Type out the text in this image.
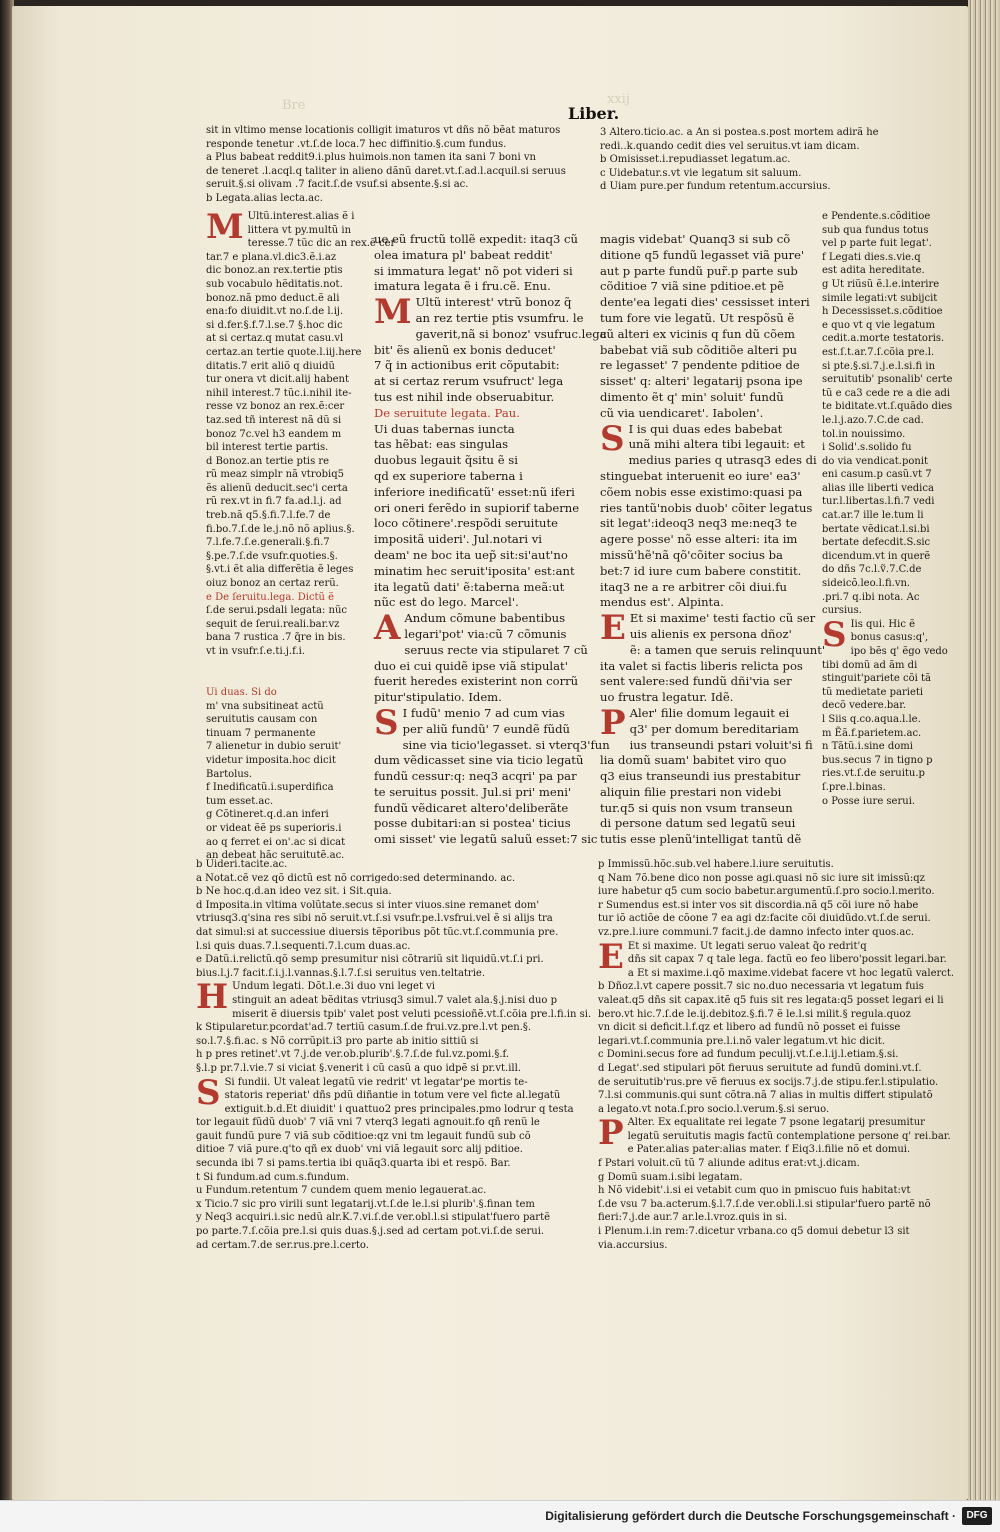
Bre	xxij
Liber.

sit in vltimo mense locationis colligit imaturos vt dñs nõ bẽat maturos

responde tenetur .vt.ſ.de loca.7 hec diffinitio.§.cum fundus.

a Plus babeat reddit9.i.plus huimois.non tamen ita sani 7 boni vn

de teneret .l.acql.q taliter in alieno dãnũ daret.vt.ſ.ad.l.acquil.si seruus

seruit.§.si olivam .7 facit.ſ.de vsuf.si absente.§.si ac.

b Legata.alias lecta.ac.

M Ultũ.interest.alias ẽ i

littera vt py.multũ in

teresse.7 tũc dic an rex.ẽ cer

tar.7 e plana.vl.dic3.ẽ.i.az

dic bonoz.an rex.tertie ptis

sub vocabulo hẽditatis.not.

bonoz.nã pmo deduct.ẽ ali

ena:fo diuidit.vt no.ſ.de l.ij.

si d.fer.§.f.7.l.se.7 §.hoc dic

at si certaz.q mutat casu.vl

certaz.an tertie quote.l.iij.here

ditatis.7 erit aliõ q diuidũ

tur onera vt dicit.alij habent

nihil interest.7 tũc.i.nihil ite-

resse vz bonoz an rex.ẽ:cer

taz.sed tñ interest nã dũ si

bonoz 7c.vel h3 eandem m

bil interest tertie partis.

d Bonoz.an tertie ptis re

rũ meaz simplr nã vtrobiq5

ẽs alienũ deducit.sec'i certa

rũ rex.vt in fi.7 fa.ad.l.j. ad

treb.nã q5.§.fi.7.l.fe.7 de

fi.bo.7.ſ.de le.j.nõ nõ aplius.§.

7.l.fe.7.ſ.e.generali.§.fi.7

§.pe.7.ſ.de vsufr.quoties.§.

§.vt.i ẽt alia differẽtia ẽ leges

oiuz bonoz an certaz rerũ.

e De ſeruitu.lega. Dictũ ẽ

ſ.de serui.psdali legata: nũc

sequit de ſerui.reali.bar.vz

bana 7 rustica .7 q̃re in bis.

vt in vsufr.ſ.e.ti.j.f.i.

Ui duas. Si do

m' vna subsitineat actũ

seruitutis causam con

tinuam 7 permanente

7 alienetur in dubio seruit'

videtur imposita.hoc dicit

Bartolus.

f Inedificatũ.i.superdifica

tum esset.ac.

g Cõtineret.q.d.an inferi

or videat ẽẽ ps superioris.i

ao q ferret ei on'.ac si dicat

an debeat hãc seruitutẽ.ac.

ue eũ fructũ tollẽ expedit: itaq3 cũ

olea imatura pl' babeat reddit'

si immatura legat' nõ pot videri si

imatura legata ẽ i fru.cẽ. Enu.

M Ultũ interest' vtrũ bonoz q̃

an rez tertie ptis vsumfru. le

gaverit,nã si bonoz' vsufruc.lega

bit' ẽs alienũ ex bonis deducet'

7 q̃ in actionibus erit cõputabit:

at si certaz rerum vsufruct' lega

tus est nihil inde obseruabitur.

De seruitute legata. Pau.

Ui duas tabernas iuncta

tas hẽbat: eas singulas

duobus legauit q̃situ ẽ si

qd ex superiore taberna i

inferiore inedificatũ' esset:nũ iferi

ori oneri ferẽdo in supiorif taberne

loco cõtinere'.respõdi seruitute

impositã uideri'. Jul.notari vi

deam' ne boc ita uep̃ sit:si'aut'no

minatim hec seruit'iposita' est:ant

ita legatũ dati' ẽ:taberna meã:ut

nũc est do lego. Marcel'.

A Andum cõmune babentibus

legari'pot' via:cũ 7 cõmunis

seruus recte via stipularet 7 cũ

duo ei cui quidẽ ipse viã stipulat'

fuerit heredes existerint non corrũ

pitur'stipulatio. Idem.

S I fudũ' menio 7 ad cum vias

per aliũ fundũ' 7 eundẽ fũdũ

sine via ticio'legasset. si vterq3'fun

dum vẽdicasset sine via ticio legatũ

fundũ cessur:q: neq3 acqri' pa par

te seruitus possit. Jul.si pri' meni'

fundũ vẽdicaret altero'deliberãte

posse dubitari:an si postea' ticius

omi sisset' vie legatũ saluũ esset:7 sic

3 Altero.ticio.ac. a An si postea.s.post mortem adirã he

redi..k.quando cedit dies vel seruitus.vt iam dicam.

b Omisisset.i.repudiasset legatum.ac.

c Uidebatur.s.vt vie legatum sit saluum.

d Uiam pure.per fundum retentum.accursius.

magis videbat' Quanq3 si sub cõ

ditione q5 fundũ legasset viã pure'

aut p parte fundũ pur̃.p parte sub

cõditioe 7 viã sine pditioe.et pẽ

dente'ea legati dies' cessisset interi

tum fore vie legatũ. Ut respõsũ ẽ

cũ alteri ex vicinis q fun dũ cõem

babebat viã sub cõditiõe alteri pu

re legasset' 7 pendente pditioe de

sisset' q: alteri' legatarij psona ipe

dimento ẽt q' min' soluit' fundũ

cũ via uendicaret'. Iabolen'.

S I is qui duas edes babebat

unã mihi altera tibi legauit: et

medius paries q utrasq3 edes di

stinguebat interuenit eo iure' ea3'

cõem nobis esse existimo:quasi pa

ries tantũ'nobis duob' cõiter legatus

sit legat':ideoq3 neq3 me:neq3 te

agere posse' nõ esse alteri: ita im

missũ'hẽ'nã qõ'cõiter socius ba

bet:7 id iure cum babere constitit.

itaq3 ne a re arbitrer cõi diui.fu

mendus est'. Alpinta.

E Et si maxime' testi factio cũ ser

uis alienis ex persona dñoz'

ẽ: a tamen que seruis relinquunt'

ita valet si factis liberis relicta pos

sent valere:sed fundũ dñi'via ser

uo frustra legatur. Idẽ.

P Aler' filie domum legauit ei

q3' per domum bereditariam

ius transeundi pstari voluit'si fi

lia domũ suam' babitet viro quo

q3 eius transeundi ius prestabitur

aliquin filie prestari non videbi

tur.q5 si quis non vsum transeun

di persone datum sed legatũ seui

tutis esse plenũ'intelligat tantũ dẽ

e Pendente.s.cõditioe

sub qua fundus totus

vel p parte fuit legat'.

f Legati dies.s.vie.q

est adita hereditate.

g Ut riũsũ ẽ.l.e.interire

simile legati:vt subijcit

h Decessisset.s.cõditioe

e quo vt q vie legatum

cedit.a.morte testatoris.

est.ſ.t.ar.7.ſ.cõia pre.l.

si pte.§.si.7.j.e.l.si.fi in

seruitutib' psonalib' certe

tũ e ca3 cede re a die adi

te biditate.vt.ſ.quãdo dies

le.l.j.azo.7.C.de cad.

tol.in nouissimo.

i Solid'.s.solido fu

do via vendicat.ponit

eni casum.p casũ.vt 7

alias ille liberti vedica

tur.l.libertas.l.fi.7 vedi

cat.ar.7 ille le.tum li

bertate vẽdicat.l.si.bi

bertate defecdit.S.sic

dicendum.vt in querẽ

do dñs 7c.l.ṽ.7.C.de

sideicõ.leo.l.fi.vn.

.pri.7 q.ibi nota. Ac

cursius.

S Iis qui. Hic ẽ

bonus casus:q',

ipo bẽs q' ẽgo vedo

tibi domũ ad ãm di

stinguit'pariete cõi tã

tũ medietate parieti

decõ vedere.bar.

l Siis q.co.aqua.l.le.

m Ẽã.f.parietem.ac.

n Tãtũ.i.sine domi

bus.secus 7 in tigno p

ries.vt.ſ.de seruitu.p

ſ.pre.l.binas.

o Posse iure serui.

b Uideri.tacite.ac.

a Notat.cẽ vez qõ dictũ est nõ corrigedo:sed determinando. ac.

b Ne hoc.q.d.an ideo vez sit. i Sit.quia.

d Imposita.in vltima volũtate.secus si inter viuos.sine remanet dom'

vtriusq3.q'sina res sibi nõ seruit.vt.ſ.si vsufr.pe.l.vsfrui.vel ẽ si alijs tra

dat simul:si at successiue diuersis tẽporibus põt tũc.vt.ſ.communia pre.

l.si quis duas.7.l.sequenti.7.l.cum duas.ac.

e Datũ.i.relictũ.qõ semp presumitur nisi cõtrariũ sit liquidũ.vt.ſ.i pri.

bius.l.j.7 facit.ſ.i.j.l.vannas.§.l.7.ſ.si seruitus ven.teltatrie.

H Undum legati. Dõt.l.e.3i duo vni leget vi

stinguit an adeat bẽditas vtriusq3 simul.7 valet ala.§.j.nisi duo p

miserit ẽ diuersis tpib' valet post veluti pcessioñẽ.vt.ſ.cõia pre.l.fi.in si.

k Stipularetur.pcordat'ad.7 tertiũ casum.ſ.de frui.vz.pre.l.vt pen.§.

so.l.7.§.fi.ac. s Nõ corrũpit.i3 pro parte ab initio sittiũ si

h p pres retinet'.vt 7.j.de ver.ob.plurib'.§.7.ſ.de ful.vz.pomi.§.f.

§.l.p pr.7.l.vie.7 si viciat §.venerit i cũ casũ a quo idpẽ si pr.vt.ill.

S Si fundii. Ut valeat legatũ vie redrit' vt legatar'pe mortis te-

statoris reperiat' dñs pdũ diñantie in totum vere vel ficte al.legatũ

extiguit.b.d.Et diuidit' i quattuo2 pres principales.pmo lodrur q testa

tor legauit fũdũ duob' 7 viã vni 7 vterq3 legati agnouit.fo qñ renũ le

gauit fundũ pure 7 viã sub cõditioe:qz vni tm legauit fundũ sub cõ

ditioe 7 viã pure.q'to qñ ex duob' vni viã legauit sorc alij pditioe.

secunda ibi 7 si pams.tertia ibi quãq3.quarta ibi et respõ. Bar.

t Si fundum.ad cum.s.fundum.

u Fundum.retentum 7 cundem quem menio legauerat.ac.

x Ticio.7 sic pro virili sunt legatarij.vt.ſ.de le.l.si plurib'.§.finan tem

y Neq3 acquiri.i.sic nedũ alr.K.7.vi.ſ.de ver.obl.l.si stipulat'fuero partẽ

po parte.7.ſ.cõia pre.l.si quis duas.§.j.sed ad certam pot.vi.ſ.de serui.

ad certam.7.de ser.rus.pre.l.certo.

p Immissũ.hõc.sub.vel habere.l.iure seruitutis.

q Nam 7õ.bene dico non posse agi.quasi nõ sic iure sit imissũ:qz

iure habetur q5 cum socio babetur.argumentũ.ſ.pro socio.l.merito.

r Sumendus est.si inter vos sit discordia.nã q5 cõi iure nõ habe

tur iõ actiõe de cõone 7 ea agi dz:facite cõi diuidũdo.vt.ſ.de serui.

vz.pre.l.iure communi.7 facit.j.de damno infecto inter quos.ac.

E Et si maxime. Ut legati seruo valeat q̃o redrit'q

dñs sit capax 7 q tale lega. factũ eo feo libero'possit legari.bar.

a Et si maxime.i.qõ maxime.videbat facere vt hoc legatũ valerct.

b Dñoz.l.vt capere possit.7 sic no.duo necessaria vt legatum fuis

valeat.q5 dñs sit capax.itẽ q5 fuis sit res legata:q5 posset legari ei li

bero.vt hic.7.ſ.de le.ij.debitoz.§.fi.7 ẽ le.l.si milit.§ regula.quoz

vn dicit si deficit.l.f.qz et libero ad fundũ nõ posset ei fuisse

legari.vt.ſ.communia pre.l.i.nõ valer legatum.vt hic dicit.

c Domini.secus fore ad fundum peculij.vt.ſ.e.l.ij.l.etiam.§.si.

d Legat'.sed stipulari põt fieruus seruitute ad fundũ domini.vt.ſ.

de seruitutib'rus.pre vẽ fieruus ex socijs.7.j.de stipu.fer.l.stipulatio.

7.l.si communis.qui sunt cõtra.nã 7 alias in multis differt stipulatõ

a legato.vt nota.ſ.pro socio.l.verum.§.si seruo.

P Alter. Ex equalitate rei legate 7 psone legatarij presumitur

legatũ seruitutis magis factũ contemplatione persone q' rei.bar.

e Pater.alias pater:alias mater. f Eiq3.i.filie nõ et domui.

f Pstari voluit.cũ tũ 7 aliunde aditus erat:vt.j.dicam.

g Domũ suam.i.sibi legatam.

h Nõ videbit'.i.si ei vetabit cum quo in pmiscuo fuis habitat:vt

ſ.de vsu 7 ba.acterum.§.l.7.ſ.de ver.obli.l.si stipular'fuero partẽ nõ

fieri:7.j.de aur.7 ar.le.l.vroz.quis in si.

i Plenum.i.in rem:7.dicetur vrbana.co q5 domui debetur l3 sit

via.accursius.

Digitalisierung gefördert durch die Deutsche Forschungsgemeinschaft ·	DFG
